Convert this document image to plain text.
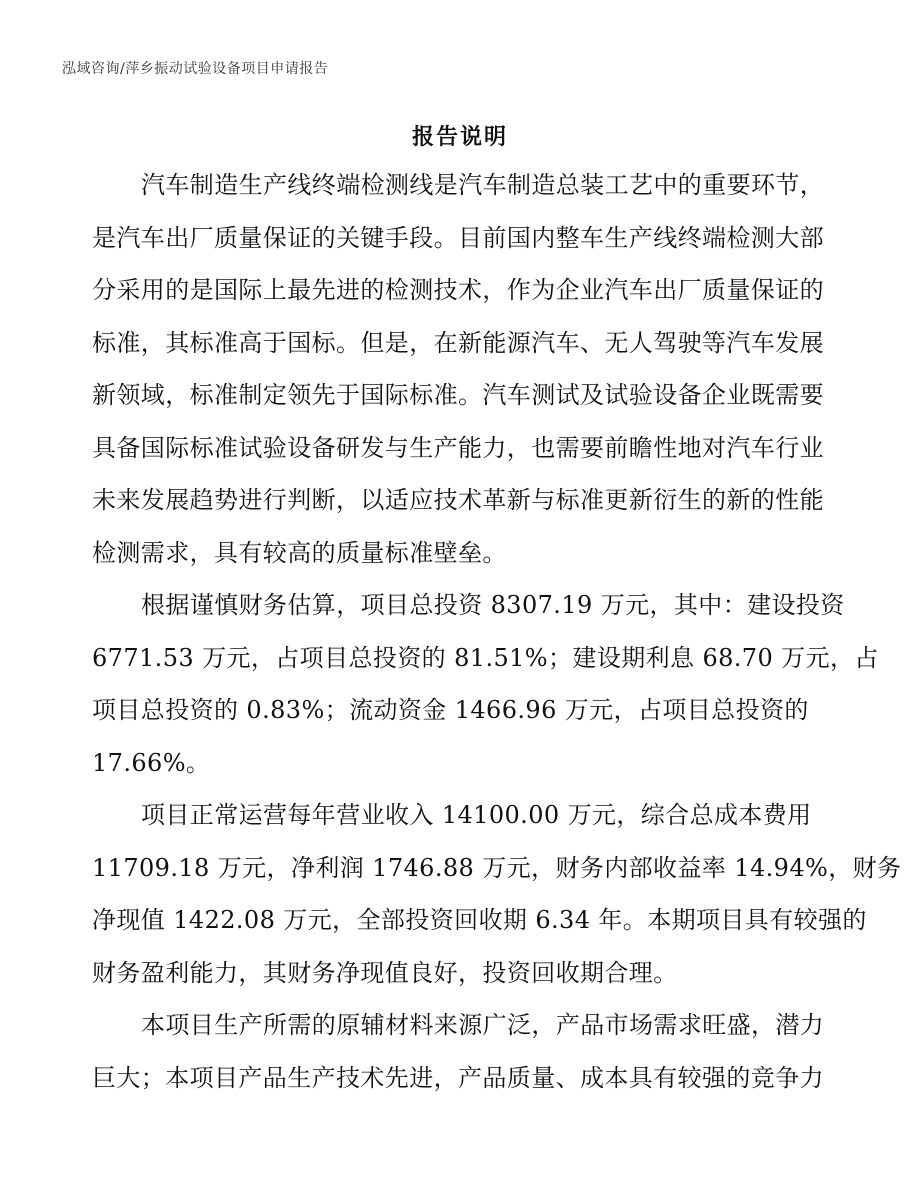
泓域咨询/萍乡振动试验设备项目申请报告
报告说明
汽车制造生产线终端检测线是汽车制造总装工艺中的重要环节，
是汽车出厂质量保证的关键手段。目前国内整车生产线终端检测大部
分采用的是国际上最先进的检测技术，作为企业汽车出厂质量保证的
标准，其标准高于国标。但是，在新能源汽车、无人驾驶等汽车发展
新领域，标准制定领先于国际标准。汽车测试及试验设备企业既需要
具备国际标准试验设备研发与生产能力，也需要前瞻性地对汽车行业
未来发展趋势进行判断，以适应技术革新与标准更新衍生的新的性能
检测需求，具有较高的质量标准壁垒。
根据谨慎财务估算，项目总投资 8307.19 万元，其中：建设投资
6771.53 万元，占项目总投资的 81.51%；建设期利息 68.70 万元，占
项目总投资的 0.83%；流动资金 1466.96 万元，占项目总投资的
17.66%。
项目正常运营每年营业收入 14100.00 万元，综合总成本费用
11709.18 万元，净利润 1746.88 万元，财务内部收益率 14.94%，财务
净现值 1422.08 万元，全部投资回收期 6.34 年。本期项目具有较强的
财务盈利能力，其财务净现值良好，投资回收期合理。
本项目生产所需的原辅材料来源广泛，产品市场需求旺盛，潜力
巨大；本项目产品生产技术先进，产品质量、成本具有较强的竞争力
